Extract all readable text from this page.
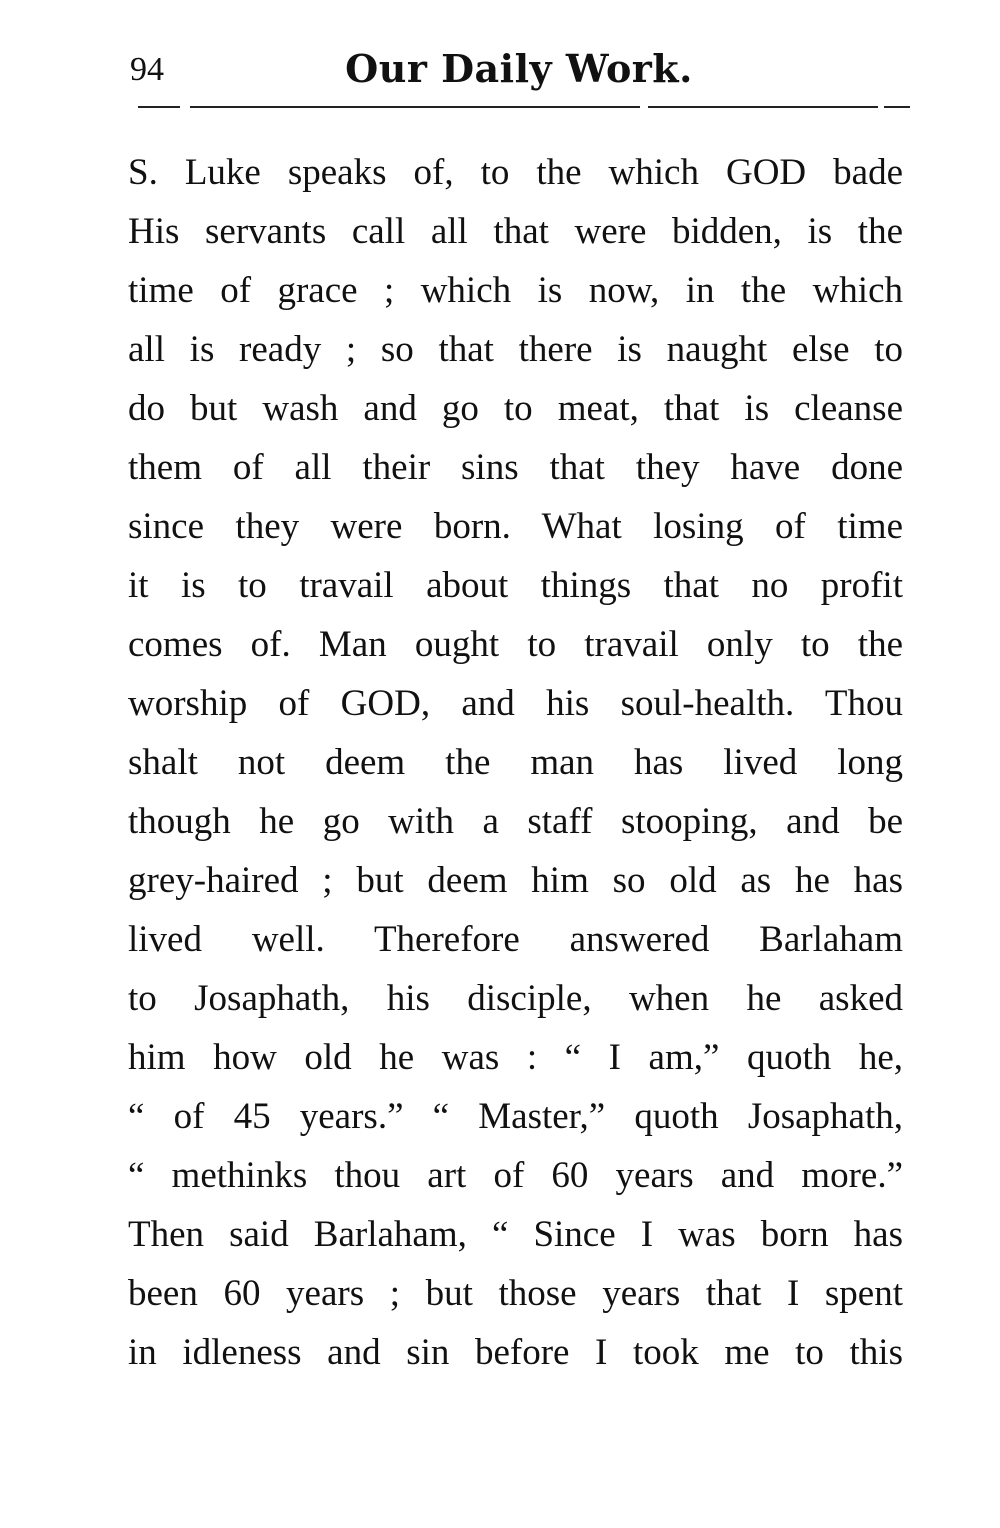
94	Our Daily Work.
S. Luke speaks of, to the which GOD bade
His servants call all that were bidden, is the
time of grace ; which is now, in the which
all is ready ; so that there is naught else to
do but wash and go to meat, that is cleanse
them of all their sins that they have done
since they were born. What losing of time
it is to travail about things that no profit
comes of. Man ought to travail only to the
worship of GOD, and his soul-health. Thou
shalt not deem the man has lived long
though he go with a staff stooping, and be
grey-haired ; but deem him so old as he has
lived well. Therefore answered Barlaham
to Josaphath, his disciple, when he asked
him how old he was : “ I am,” quoth he,
“ of 45 years.” “ Master,” quoth Josaphath,
“ methinks thou art of 60 years and more.”
Then said Barlaham, “ Since I was born has
been 60 years ; but those years that I spent
in idleness and sin before I took me to this
